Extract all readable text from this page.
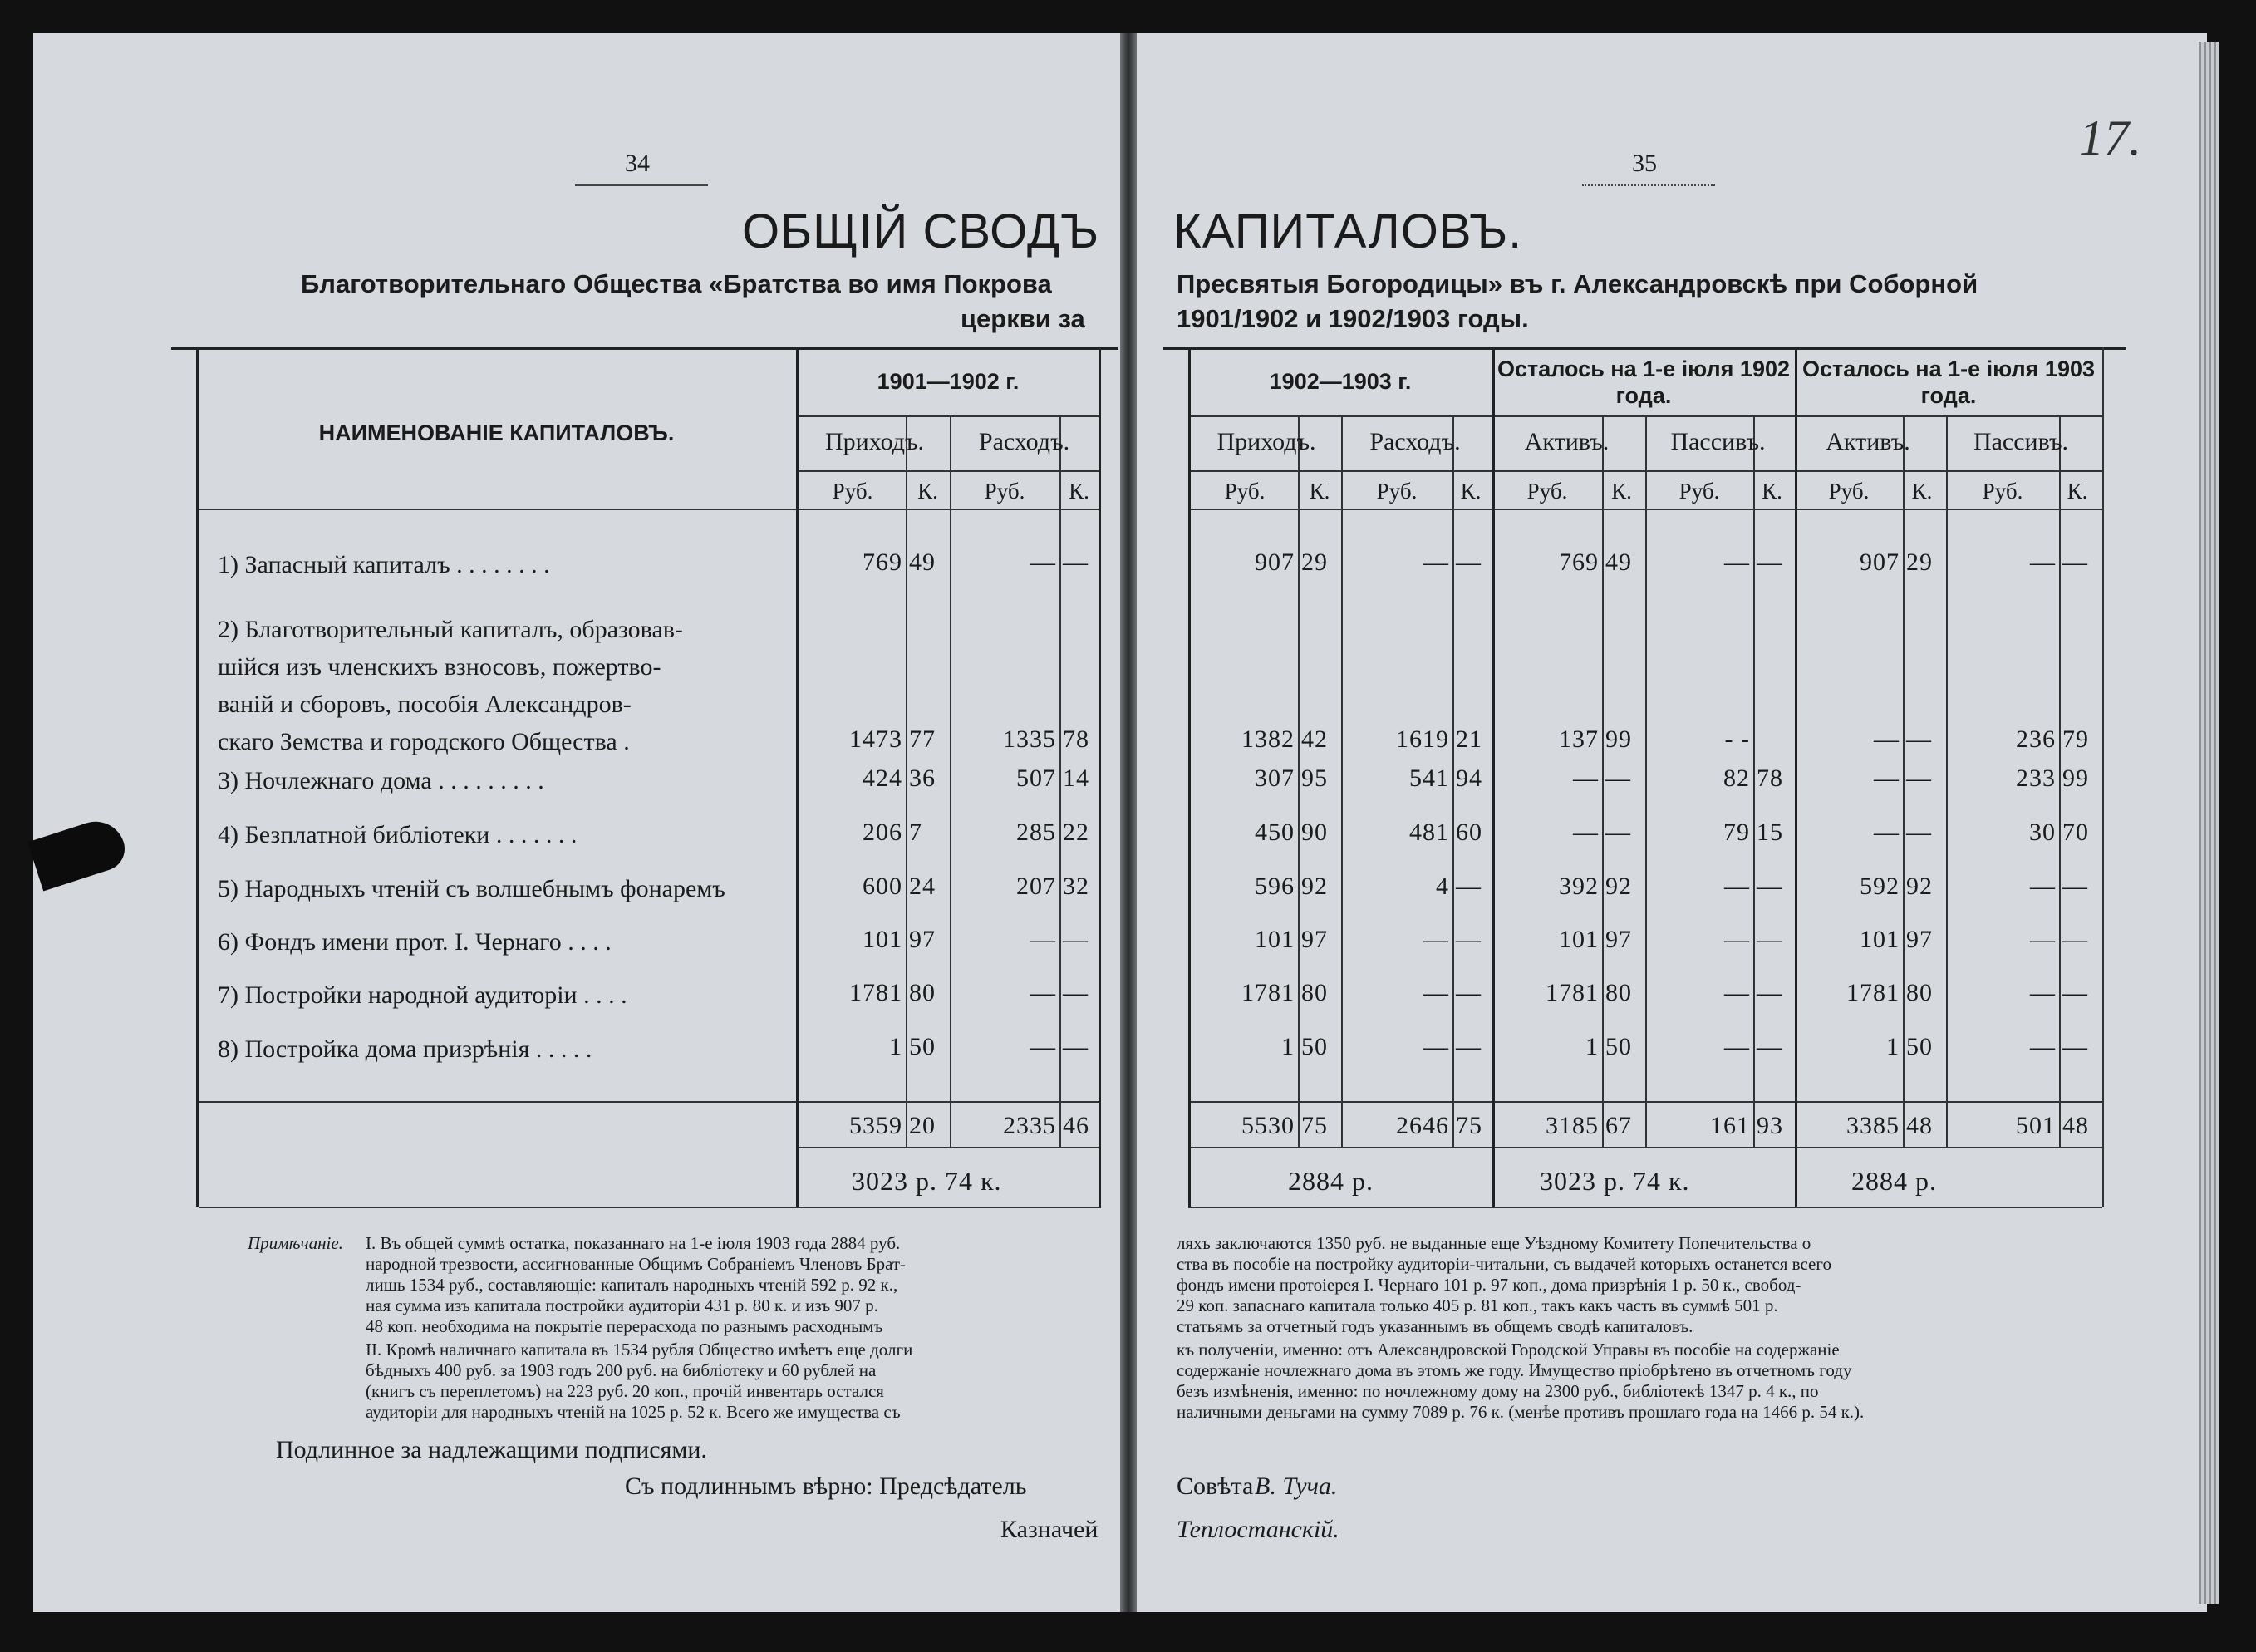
34	35	17.
ОБЩІЙ СВОДЪ КАПИТАЛОВЪ.
Благотворительнаго Общества «Братства во имя Покрова
церкви за
Пресвятыя Богородицы» въ г. Александровскѣ при Соборной
1901/1902 и 1902/1903 годы.
Примѣчаніе.
Подлинное за надлежащими подписями.
Съ подлиннымъ вѣрно: Предсѣдатель	Совѣта В. Туча.
Казначей	Теплостанскій.
НАИМЕНОВАНІЕ КАПИТАЛОВЪ.
1901—1902 г.	1902—1903 г.	Осталось на 1-е іюля 1902 года.
Осталось на 1-е іюля 1903 года.
Приходъ.
Руб.	К.
Расходъ.
Руб.	К.
Приходъ.
Руб.	К.
Расходъ.
Руб.	К.
Активъ.
Руб.	К.
Пассивъ.
Руб.	К.
Активъ.
Руб.	К.
Пассивъ.
Руб.	К.
1) Запасный капиталъ . . . . . . . .	769 49	— —	907 29	— —	769 49	— —	907 29	— —
2) Благотворительный капиталъ, образовав-
шійся изъ членскихъ взносовъ, пожертво-
ваній и сборовъ, пособія Александров-
скаго Земства и городского Общества .	1473 77	1335 78	1382 42	1619 21	137 99	- -	— —	236 79
3) Ночлежнаго дома . . . . . . . . .	424 36	507 14	307 95	541 94	— —	82 78	— —	233 99
4) Безплатной библіотеки . . . . . . .	206 7	285 22	450 90	481 60	— —	79 15	— —	30 70
5) Народныхъ чтеній съ волшебнымъ фонаремъ	600 24	207 32	596 92	4 —	392 92	— —	592 92	— —
6) Фондъ имени прот. І. Чернаго . . . .	101 97	— —	101 97	— —	101 97	— —	101 97	— —
7) Постройки народной аудиторіи . . . .	1781 80	— —	1781 80	— —	1781 80	— —	1781 80	— —
8) Постройка дома призрѣнія . . . . .	1 50	— —	1 50	— —	1 50	— —	1 50	— —
5359 20	2335 46	5530 75	2646 75	3185 67	161 93	3385 48	501 48
3023 р. 74 к.	2884 р.	3023 р. 74 к.	2884 р.
І. Въ общей суммѣ остатка, показаннаго на 1-е іюля 1903 года 2884 руб.
народной трезвости, ассигнованные Общимъ Собраніемъ Членовъ Брат-
лишь 1534 руб., составляющіе: капиталъ народныхъ чтеній 592 р. 92 к.,
ная сумма изъ капитала постройки аудиторіи 431 р. 80 к. и изъ 907 р.
48 коп. необходима на покрытіе перерасхода по разнымъ расходнымъ
ІІ. Кромѣ наличнаго капитала въ 1534 рубля Общество имѣетъ еще долги
бѣдныхъ 400 руб. за 1903 годъ 200 руб. на библіотеку и 60 рублей на
(книгъ съ переплетомъ) на 223 руб. 20 коп., прочій инвентарь остался
аудиторіи для народныхъ чтеній на 1025 р. 52 к. Всего же имущества съ
ляхъ заключаются 1350 руб. не выданные еще Уѣздному Комитету Попечительства о
ства въ пособіе на постройку аудиторіи-читальни, съ выдачей которыхъ останется всего
фондъ имени протоіерея І. Чернаго 101 р. 97 коп., дома призрѣнія 1 р. 50 к., свобод-
29 коп. запаснаго капитала только 405 р. 81 коп., такъ какъ часть въ суммѣ 501 р.
статьямъ за отчетный годъ указаннымъ въ общемъ сводѣ капиталовъ.
къ полученіи, именно: отъ Александровской Городской Управы въ пособіе на содержаніе
содержаніе ночлежнаго дома въ этомъ же году. Имущество пріобрѣтено въ отчетномъ году
безъ измѣненія, именно: по ночлежному дому на 2300 руб., библіотекѣ 1347 р. 4 к., по
наличными деньгами на сумму 7089 р. 76 к. (менѣе противъ прошлаго года на 1466 р. 54 к.).
